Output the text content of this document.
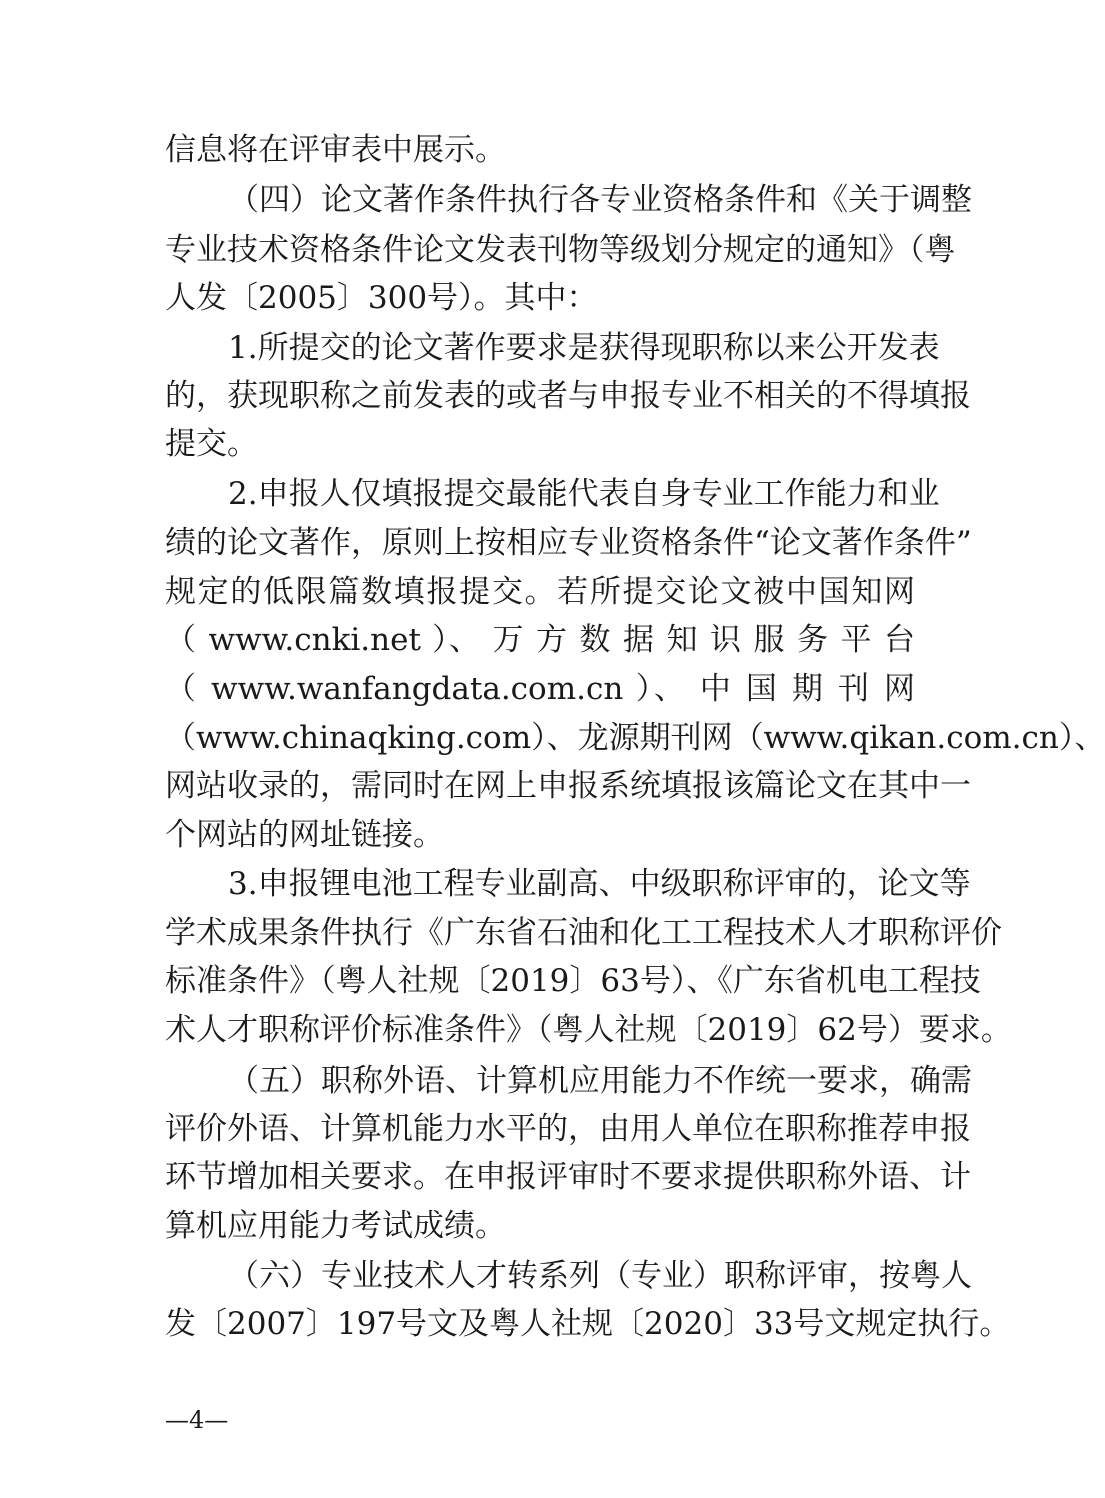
信息将在评审表中展示。
（四）论文著作条件执行各专业资格条件和《关于调整
专业技术资格条件论文发表刊物等级划分规定的通知》（粤
人发〔2005〕300号）。其中：
1.所提交的论文著作要求是获得现职称以来公开发表
的，获现职称之前发表的或者与申报专业不相关的不得填报
提交。
2.申报人仅填报提交最能代表自身专业工作能力和业
绩的论文著作，原则上按相应专业资格条件“论文著作条件”
规定的低限篇数填报提交。若所提交论文被中国知网
（ www.cnki.net ）、 万 方 数 据 知 识 服 务 平 台
（ www.wanfangdata.com.cn ）、 中 国 期 刊 网
（www.chinaqking.com）、龙源期刊网（www.qikan.com.cn）、
网站收录的，需同时在网上申报系统填报该篇论文在其中一
个网站的网址链接。
3.申报锂电池工程专业副高、中级职称评审的，论文等
学术成果条件执行《广东省石油和化工工程技术人才职称评价
标准条件》（粤人社规〔2019〕63号）、《广东省机电工程技
术人才职称评价标准条件》（粤人社规〔2019〕62号）要求。
（五）职称外语、计算机应用能力不作统一要求，确需
评价外语、计算机能力水平的，由用人单位在职称推荐申报
环节增加相关要求。在申报评审时不要求提供职称外语、计
算机应用能力考试成绩。
（六）专业技术人才转系列（专业）职称评审，按粤人
发〔2007〕197号文及粤人社规〔2020〕33号文规定执行。
—4—
